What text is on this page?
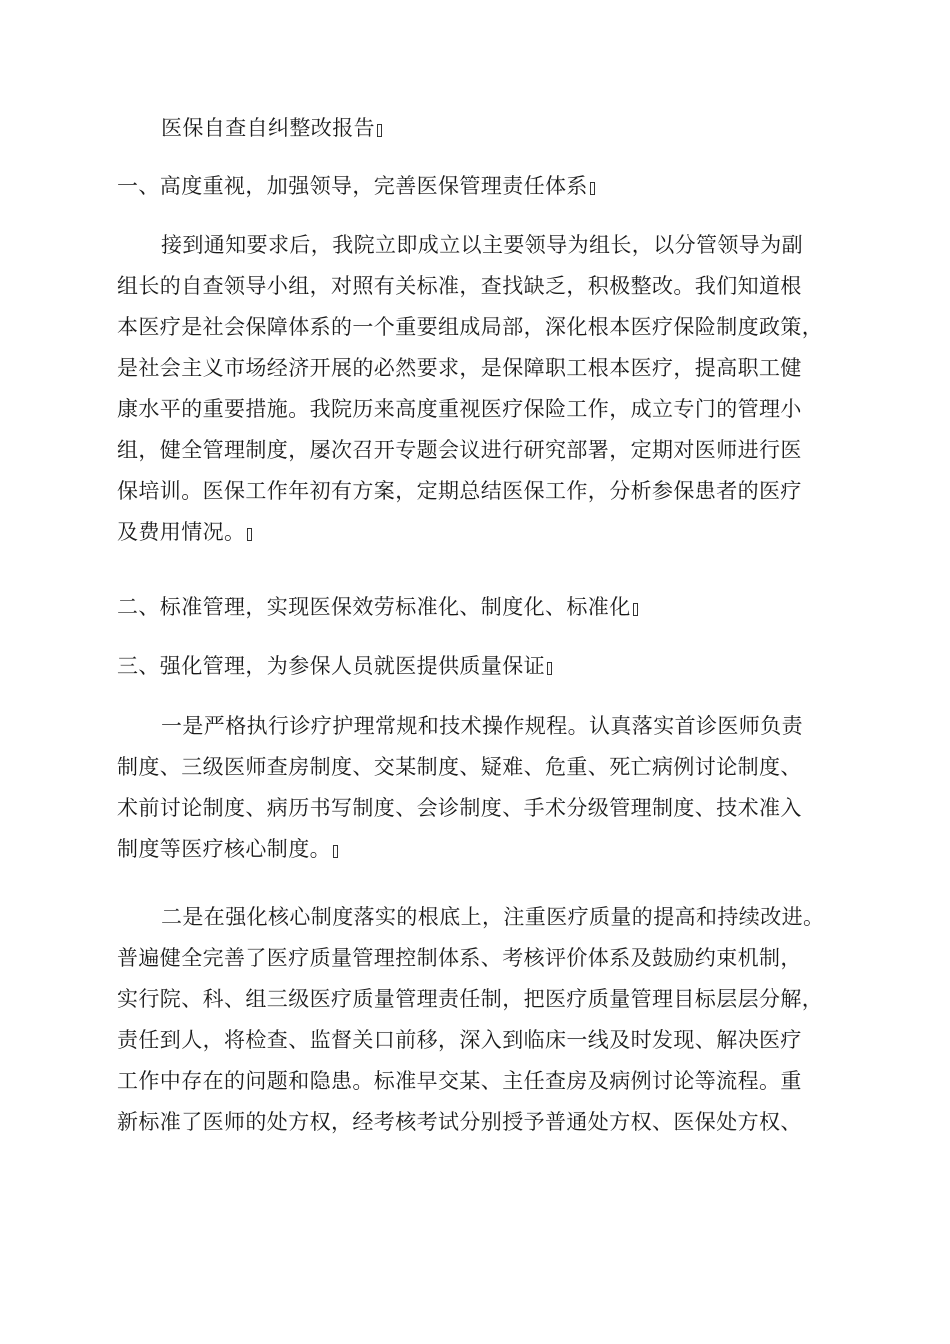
医保自查自纠整改报告
一、高度重视，加强领导，完善医保管理责任体系
接到通知要求后，我院立即成立以主要领导为组长，以分管领导为副
组长的自查领导小组，对照有关标准，查找缺乏，积极整改。我们知道根
本医疗是社会保障体系的一个重要组成局部，深化根本医疗保险制度政策，
是社会主义市场经济开展的必然要求，是保障职工根本医疗，提高职工健
康水平的重要措施。我院历来高度重视医疗保险工作，成立专门的管理小
组，健全管理制度，屡次召开专题会议进行研究部署，定期对医师进行医
保培训。医保工作年初有方案，定期总结医保工作，分析参保患者的医疗
及费用情况。
二、标准管理，实现医保效劳标准化、制度化、标准化
三、强化管理，为参保人员就医提供质量保证
一是严格执行诊疗护理常规和技术操作规程。认真落实首诊医师负责
制度、三级医师查房制度、交某制度、疑难、危重、死亡病例讨论制度、
术前讨论制度、病历书写制度、会诊制度、手术分级管理制度、技术准入
制度等医疗核心制度。
二是在强化核心制度落实的根底上，注重医疗质量的提高和持续改进。
普遍健全完善了医疗质量管理控制体系、考核评价体系及鼓励约束机制，
实行院、科、组三级医疗质量管理责任制，把医疗质量管理目标层层分解，
责任到人，将检查、监督关口前移，深入到临床一线及时发现、解决医疗
工作中存在的问题和隐患。标准早交某、主任查房及病例讨论等流程。重
新标准了医师的处方权，经考核考试分别授予普通处方权、医保处方权、
